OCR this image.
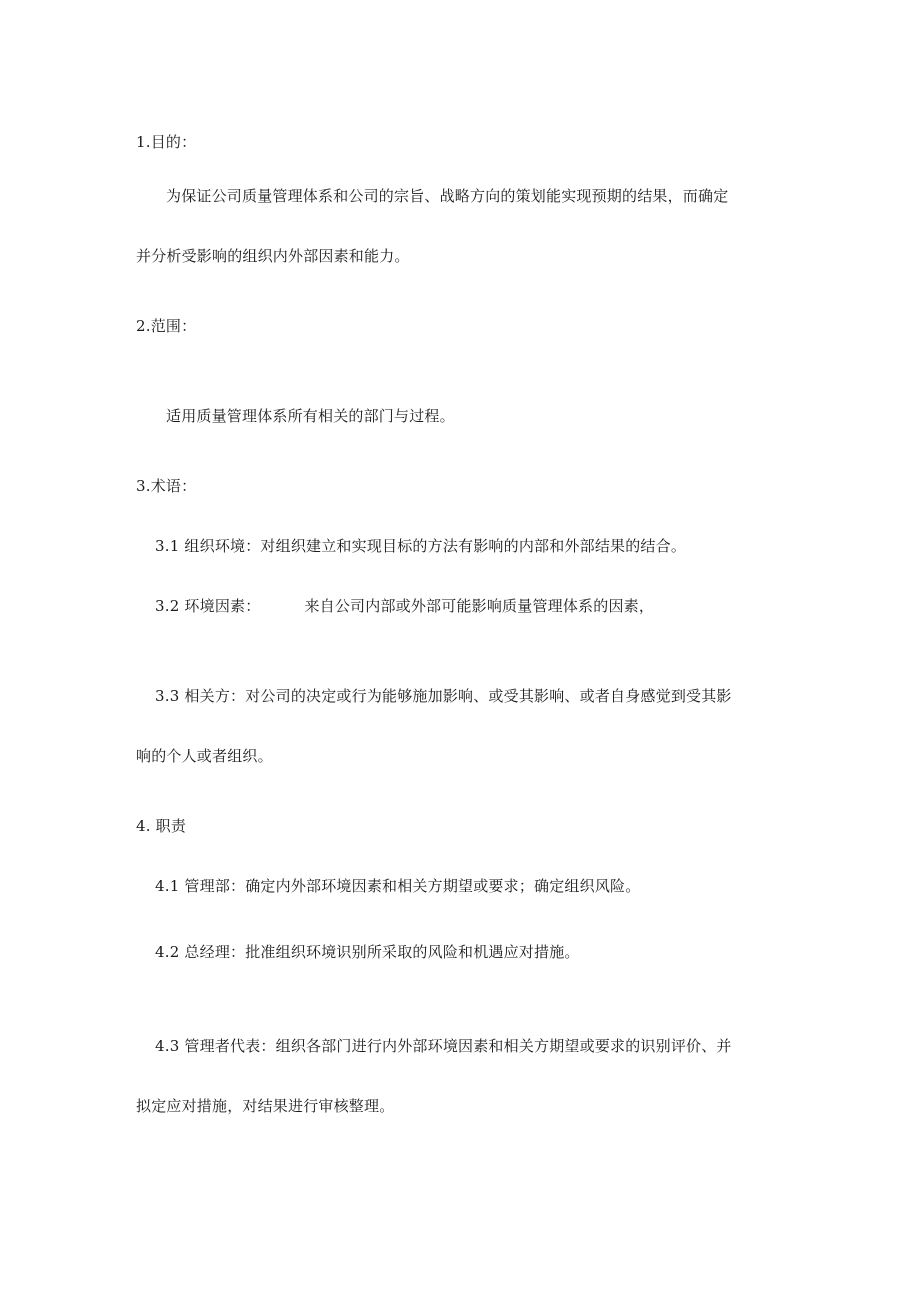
1.目的：
为保证公司质量管理体系和公司的宗旨、战略方向的策划能实现预期的结果，而确定
并分析受影响的组织内外部因素和能力。
2.范围：
适用质量管理体系所有相关的部门与过程。
3.术语：
3.1 组织环境：对组织建立和实现目标的方法有影响的内部和外部结果的结合。
3.2 环境因素：	来自公司内部或外部可能影响质量管理体系的因素，
3.3 相关方：对公司的决定或行为能够施加影响、或受其影响、或者自身感觉到受其影
响的个人或者组织。
4. 职责
4.1 管理部：确定内外部环境因素和相关方期望或要求；确定组织风险。
4.2 总经理：批准组织环境识别所采取的风险和机遇应对措施。
4.3 管理者代表：组织各部门进行内外部环境因素和相关方期望或要求的识别评价、并
拟定应对措施，对结果进行审核整理。
